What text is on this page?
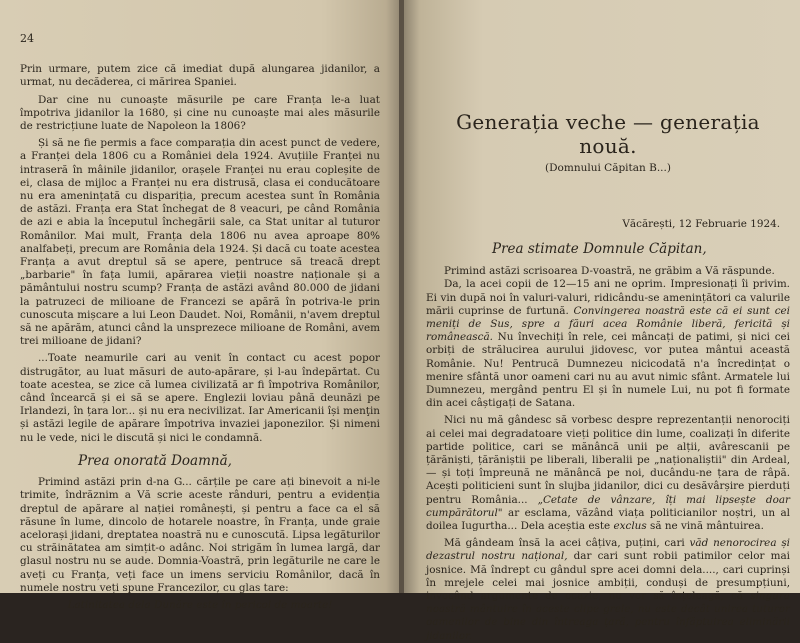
24

Prin urmare, putem zice că imediat după alungarea jidanilor, a urmat, nu decăderea, ci mărirea Spaniei.

Dar cine nu cunoaște măsurile pe care Franța le-a luat împotriva jidanilor la 1680, și cine nu cunoaște mai ales măsurile de restricțiune luate de Napoleon la 1806?

Și să ne fie permis a face comparația din acest punct de vedere, a Franței dela 1806 cu a României dela 1924. Avuțiile Franței nu intraseră în mâinile jidanilor, orașele Franței nu erau copleșite de ei, clasa de mijloc a Franței nu era distrusă, clasa ei conducătoare nu era amenințată cu dispariția, precum acestea sunt în România de astăzi. Franța era Stat închegat de 8 veacuri, pe când România de azi e abia la începutul închegării sale, ca Stat unitar al tuturor Românilor. Mai mult, Franța dela 1806 nu avea aproape 80% analfabeți, precum are România dela 1924. Și dacă cu toate acestea Franța a avut dreptul să se apere, pentruce să treacă drept „barbarie" în fața lumii, apărarea vieții noastre naționale și a pământului nostru scump? Franța de astăzi având 80.000 de jidani la patruzeci de milioane de Francezi se apără în potriva-le prin cunoscuta mișcare a lui Leon Daudet. Noi, Românii, n'avem dreptul să ne apărăm, atunci când la unsprezece milioane de Români, avem trei milioane de jidani?

...Toate neamurile cari au venit în contact cu acest popor distrugător, au luat măsuri de auto-apărare, și l-au îndepărtat. Cu toate acestea, se zice că lumea civilizată ar fi împotriva Românilor, când încearcă și ei să se apere. Englezii loviau până deunăzi pe Irlandezi, în țara lor... și nu era necivilizat. Iar Americanii își menţin și astăzi legile de apărare împotriva invaziei japonezilor. Și nimeni nu le vede, nici le discută și nici le condamnă.

Prea onorată Doamnă,

Primind astăzi prin d-na G... cărțile pe care ați binevoit a ni-le trimite, îndrăznim a Vă scrie aceste rânduri, pentru a evidenția dreptul de apărare al nației românești, și pentru a face ca el să răsune în lume, dincolo de hotarele noastre, în Franța, unde graie acelorași jidani, dreptatea noastră nu e cunoscută. Lipsa legăturilor cu străinătatea am simțit-o adânc. Noi strigăm în lumea largă, dar glasul nostru nu se aude. Domnia-Voastră, prin legăturile ne care le aveți cu Franța, veți face un imens serviciu Românilor, dacă în numele nostru veți spune Francezilor, cu glas tare:

Latinitatea dela Dunăre este în pericol de moarte!

Generația veche — generația nouă.
(Domnului Căpitan B...)
Văcărești, 12 Februarie 1924.
Prea stimate Domnule Căpitan,

Primind astăzi scrisoarea D-voastră, ne grăbim a Vă răspunde.

Da, la acei copii de 12—15 ani ne oprim. Impresionați îi privim. Ei vin după noi în valuri-valuri, ridicându-se amenințători ca valurile mării cuprinse de furtună. Convingerea noastră este că ei sunt cei meniți de Sus, spre a făuri acea Românie liberă, fericită și românească. Nu învechiți în rele, cei mâncați de patimi, și nici cei orbiți de strălucirea aurului jidovesc, vor putea mântui această Românie. Nu! Pentrucă Dumnezeu nicicodată n'a încredințat o menire sfântă unor oameni cari nu au avut nimic sfânt. Armatele lui Dumnezeu, mergând pentru El și în numele Lui, nu pot fi formate din acei câștigați de Satana.

Nici nu mă gândesc să vorbesc despre reprezentanții nenorociți ai celei mai degradatoare vieți politice din lume, coalizați în diferite partide politice, cari se mănâncă unii pe alții, avârescanii pe țărăniști, țărăniștii pe liberali, liberalii pe „naționaliștii" din Ardeal, — și toți împreună ne mănâncă pe noi, ducându-ne țara de râpă. Acești politicieni sunt în slujba jidanilor, dici cu desăvârșire pierduți pentru România... „Cetate de vânzare, îți mai lipsește doar cumpărătorul" ar esclama, văzând viața politicianilor noștri, un al doilea Iugurtha... Dela aceștia este exclus să ne vină mântuirea.

Mă gândeam însă la acei câțiva, puțini, cari văd nenorocirea și dezastrul nostru național, dar cari sunt robii patimilor celor mai josnice. Mă îndrept cu gândul spre acei domni dela...., cari cuprinși în mrejele celei mai josnice ambiții, conduși de presumpțiuni, invocând argumente de ocazie, nu vor să înțeleagă, că singura noastră mântuire în aceste clipe grele, nu este decât unirea tuturor oamenilor de bine din întreaga țară, pentru înfăptuirea eliminării jidanilor.
